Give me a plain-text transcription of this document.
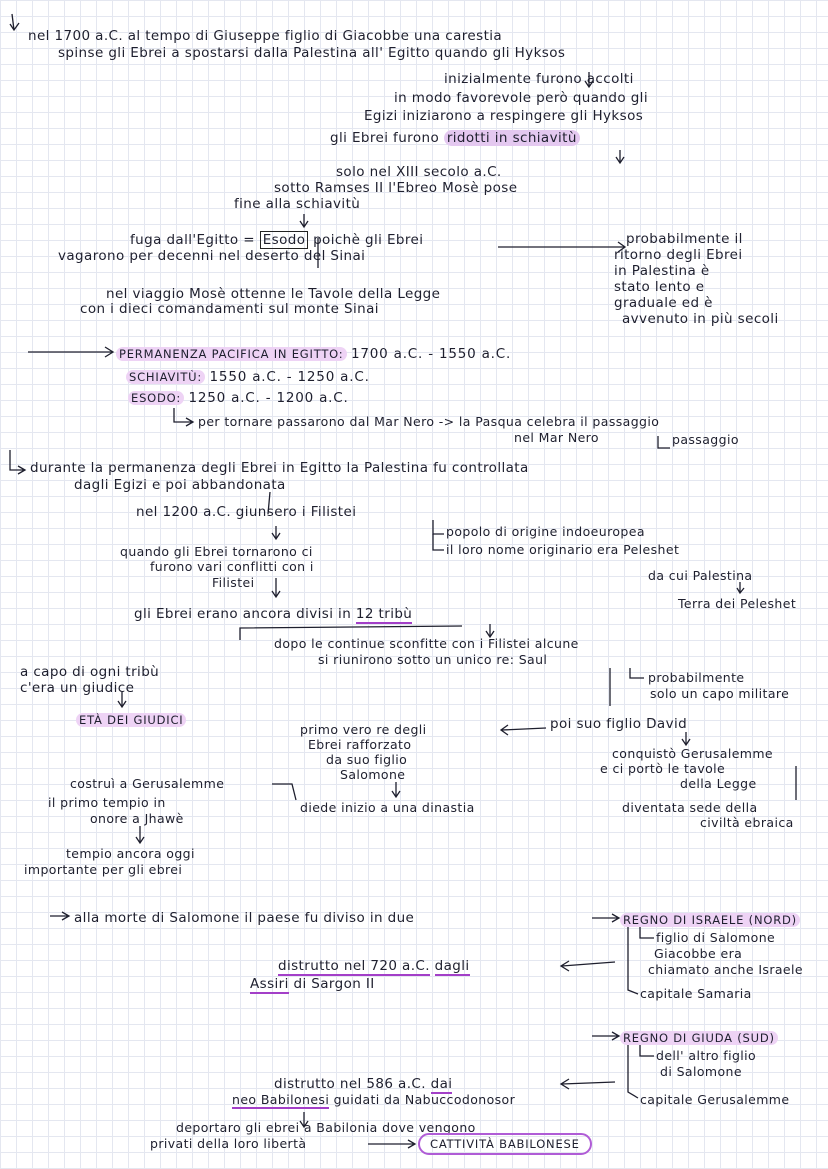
nel 1700 a.C. al tempo di Giuseppe figlio di Giacobbe una carestia
spinse gli Ebrei a spostarsi dalla Palestina all' Egitto quando gli Hyksos
inizialmente furono accolti
in modo favorevole però quando gli
Egizi iniziarono a respingere gli Hyksos
gli Ebrei furono ridotti in schiavitù
solo nel XIII secolo a.C.
sotto Ramses II l'Ebreo Mosè pose
fine alla schiavitù
fuga dall'Egitto = Esodo poichè gli Ebrei
vagarono per decenni nel deserto del Sinai
probabilmente il
ritorno degli Ebrei
in Palestina è
stato lento e
graduale ed è
avvenuto in più secoli
nel viaggio Mosè ottenne le Tavole della Legge
con i dieci comandamenti sul monte Sinai
PERMANENZA PACIFICA IN EGITTO: 1700 a.C. - 1550 a.C.
SCHIAVITÙ: 1550 a.C. - 1250 a.C.
ESODO: 1250 a.C. - 1200 a.C.
per tornare passarono dal Mar Nero -> la Pasqua celebra il passaggio
nel Mar Nero	passaggio
durante la permanenza degli Ebrei in Egitto la Palestina fu controllata
dagli Egizi e poi abbandonata
nel 1200 a.C. giunsero i Filistei
popolo di origine indoeuropea
il loro nome originario era Peleshet
da cui Palestina
Terra dei Peleshet
quando gli Ebrei tornarono ci
furono vari conflitti con i
Filistei
gli Ebrei erano ancora divisi in 12 tribù
dopo le continue sconfitte con i Filistei alcune
si riunirono sotto un unico re: Saul
probabilmente
solo un capo militare
a capo di ogni tribù
c'era un giudice
ETÀ DEI GIUDICI
primo vero re degli
Ebrei rafforzato
da suo figlio
Salomone
poi suo figlio David
conquistò Gerusalemme
e ci portò le tavole
della Legge
diede inizio a una dinastia	diventata sede della
civiltà ebraica
costruì a Gerusalemme
il primo tempio in
onore a Jhawè
tempio ancora oggi
importante per gli ebrei
alla morte di Salomone il paese fu diviso in due	REGNO DI ISRAELE (NORD)
figlio di Salomone
Giacobbe era
chiamato anche Israele
capitale Samaria
distrutto nel 720 a.C. dagli
Assiri di Sargon II
REGNO DI GIUDA (SUD)
dell' altro figlio
di Salomone
capitale Gerusalemme
distrutto nel 586 a.C. dai
neo Babilonesi guidati da Nabuccodonosor
deportaro gli ebrei a Babilonia dove vengono
privati della loro libertà	CATTIVITÀ BABILONESE
